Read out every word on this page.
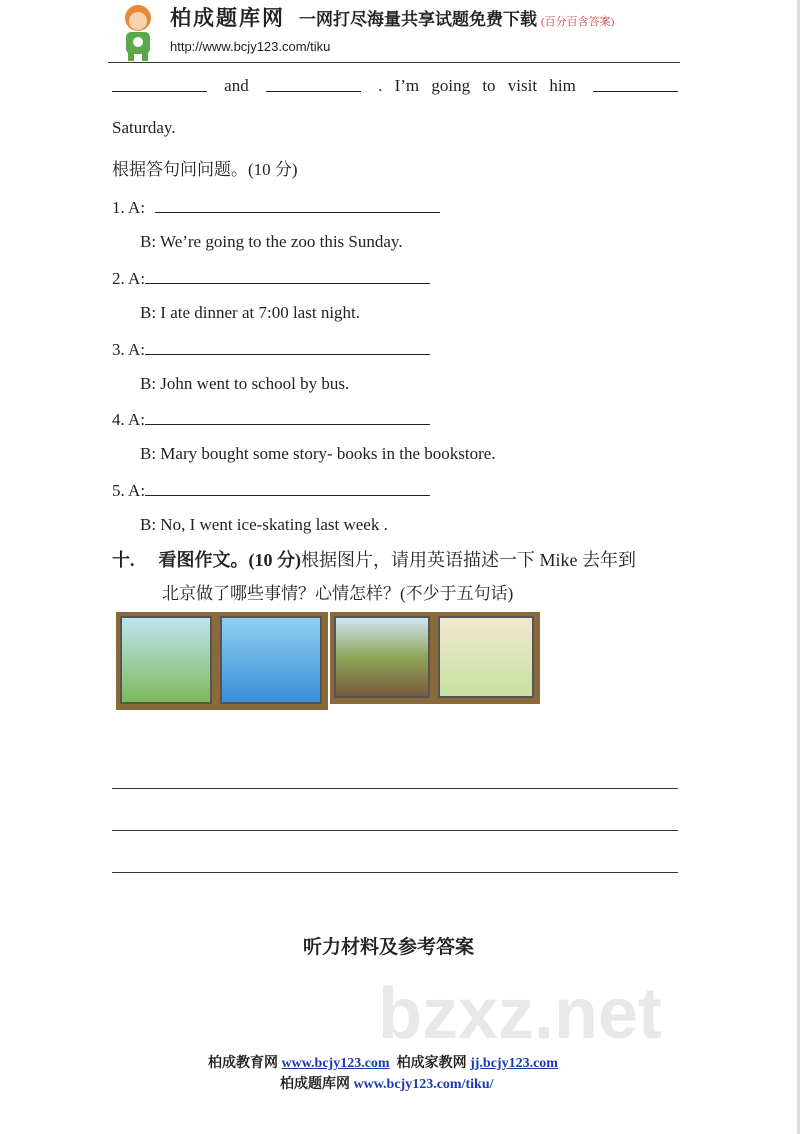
柏成题库网 一网打尽海量共享试题免费下载 (百分百含答案)
http://www.bcjy123.com/tiku
and	. I’m going to visit him
Saturday.
根据答句问问题。(10 分)
1. A:
B: We’re going to the zoo this Sunday.
2. A:
B: I ate dinner at 7:00 last night.
3. A:
B: John went to school by bus.
4. A:
B: Mary bought some story- books in the bookstore.
5. A:
B: No, I went ice-skating last week .
十. 看图作文。(10 分)根据图片，请用英语描述一下 Mike 去年到
北京做了哪些事情？心情怎样？(不少于五句话)
听力材料及参考答案
bzxz.net
柏成教育网 www.bcjy123.com 柏成家教网 jj.bcjy123.com
柏成题库网 www.bcjy123.com/tiku/
